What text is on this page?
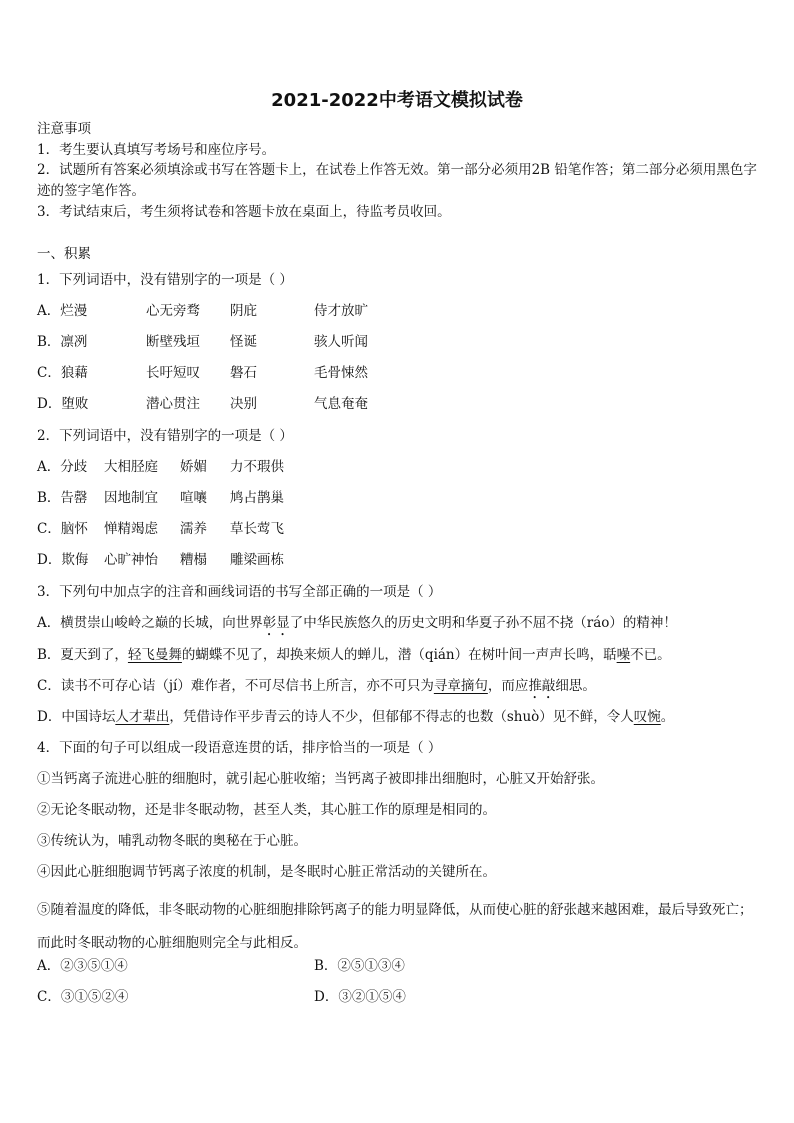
2021-2022中考语文模拟试卷
注意事项
1．考生要认真填写考场号和座位序号。
2．试题所有答案必须填涂或书写在答题卡上，在试卷上作答无效。第一部分必须用2B 铅笔作答；第二部分必须用黑色字迹的签字笔作答。
3．考试结束后，考生须将试卷和答题卡放在桌面上，待监考员收回。
一、积累
1．下列词语中，没有错别字的一项是（ ）
A．烂漫	心无旁骛 阴庇	侍才放旷
B．凛冽	断壁残垣 怪诞	骇人听闻
C．狼藉	长吁短叹 磐石	毛骨悚然
D．堕败	潜心贯注 决别	气息奄奄
2．下列词语中，没有错别字的一项是（ ）
A．分歧 大相胫庭 娇媚 力不瑕供
B．告罄 因地制宜 喧嚷 鸠占鹊巢
C．脑怀 惮精竭虑 濡养 草长莺飞
D．欺侮 心旷神怡 糟榻 雕梁画栋
3．下列句中加点字的注音和画线词语的书写全部正确的一项是（ ）
A．横贯崇山峻岭之巅的长城，向世界彰显了中华民族悠久的历史文明和华夏子孙不屈不挠（ráo）的精神！
B．夏天到了，轻飞曼舞的蝴蝶不见了，却换来烦人的蝉儿，潜（qián）在树叶间一声声长鸣，聒噪不已。
C．读书不可存心诘（jí）难作者，不可尽信书上所言，亦不可只为寻章摘句，而应推敲细思。
D．中国诗坛人才辈出，凭借诗作平步青云的诗人不少，但郁郁不得志的也数（shuò）见不鲜，令人叹惋。
4．下面的句子可以组成一段语意连贯的话，排序恰当的一项是（ ）
①当钙离子流进心脏的细胞时，就引起心脏收缩；当钙离子被即排出细胞时，心脏又开始舒张。
②无论冬眠动物，还是非冬眠动物，甚至人类，其心脏工作的原理是相同的。
③传统认为，哺乳动物冬眠的奥秘在于心脏。
④因此心脏细胞调节钙离子浓度的机制，是冬眠时心脏正常活动的关键所在。
⑤随着温度的降低，非冬眠动物的心脏细胞排除钙离子的能力明显降低，从而使心脏的舒张越来越困难，最后导致死亡；而此时冬眠动物的心脏细胞则完全与此相反。
A．②③⑤①④	B．②⑤①③④
C．③①⑤②④	D．③②①⑤④
